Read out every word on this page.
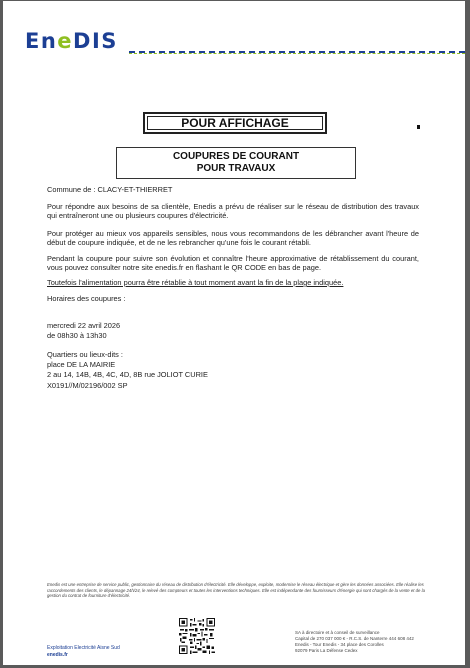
EneDIS
POUR AFFICHAGE
COUPURES DE COURANT
POUR TRAVAUX

Commune de : CLACY-ET-THIERRET

Pour répondre aux besoins de sa clientèle, Enedis a prévu de réaliser sur le réseau de distribution des travaux qui entraîneront une ou plusieurs coupures d'électricité.

Pour protéger au mieux vos appareils sensibles, nous vous recommandons de les débrancher avant l'heure de début de coupure indiquée, et de ne les rebrancher qu'une fois le courant rétabli.

Pendant la coupure pour suivre son évolution et connaître l'heure approximative de rétablissement du courant, vous pouvez consulter notre site enedis.fr en flashant le QR CODE en bas de page.

Toutefois l'alimentation pourra être rétablie à tout moment avant la fin de la plage indiquée.

Horaires des coupures :

mercredi 22 avril 2026

de 08h30 à 13h30

Quartiers ou lieux-dits :

place DE LA MAIRIE

2 au 14, 14B, 4B, 4C, 4D, 8B rue JOLIOT CURIE

X0191//M/02196/002 SP

Enedis est une entreprise de service public, gestionnaire du réseau de distribution d'électricité. Elle développe, exploite, modernise le réseau électrique et gère les données associées. Elle réalise les raccordements des clients, le dépannage 24h/24, le relevé des compteurs et toutes les interventions techniques. Elle est indépendante des fournisseurs d'énergie qui sont chargés de la vente et de la gestion du contrat de fourniture d'électricité.
Exploitation Electricité Aisne Sud
enedis.fr
SA à directoire et à conseil de surveillance
Capital de 270 037 000 € - R.C.S. de Nanterre 444 608 442
Enedis - Tour Enedis - 34 place des Corolles
92079 Paris La Défense Cedex
